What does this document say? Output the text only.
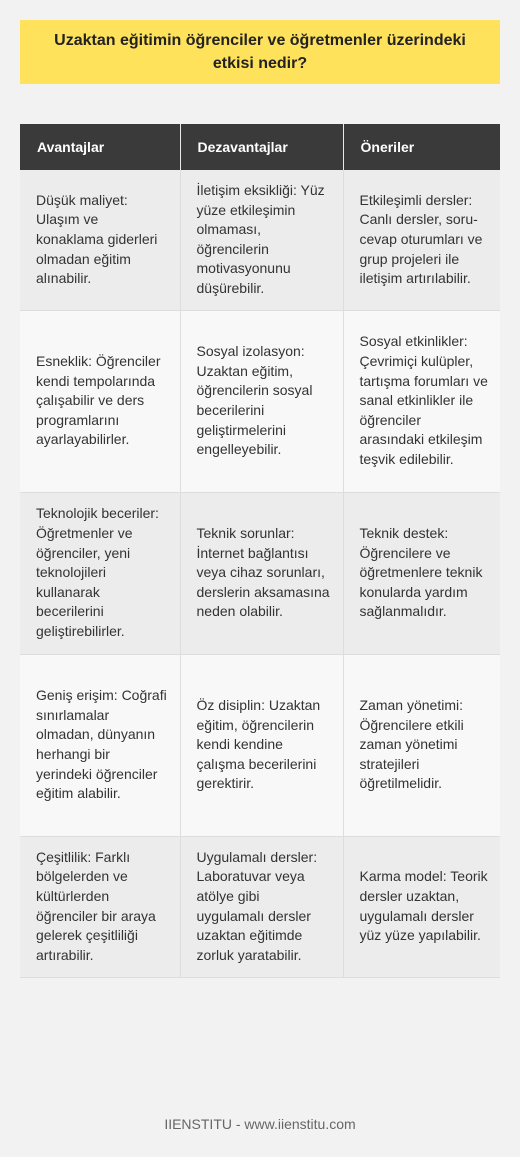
Uzaktan eğitimin öğrenciler ve öğretmenler üzerindeki etkisi nedir?
Avantajlar	Dezavantajlar	Öneriler
Düşük maliyet: Ulaşım ve konaklama giderleri olmadan eğitim alınabilir.	İletişim eksikliği: Yüz yüze etkileşimin olmaması, öğrencilerin motivasyonunu düşürebilir.	Etkileşimli dersler: Canlı dersler, soru-cevap oturumları ve grup projeleri ile iletişim artırılabilir.
Esneklik: Öğrenciler kendi tempolarında çalışabilir ve ders programlarını ayarlayabilirler.	Sosyal izolasyon: Uzaktan eğitim, öğrencilerin sosyal becerilerini geliştirmelerini engelleyebilir.	Sosyal etkinlikler: Çevrimiçi kulüpler, tartışma forumları ve sanal etkinlikler ile öğrenciler arasındaki etkileşim teşvik edilebilir.
Teknolojik beceriler: Öğretmenler ve öğrenciler, yeni teknolojileri kullanarak becerilerini geliştirebilirler.	Teknik sorunlar: İnternet bağlantısı veya cihaz sorunları, derslerin aksamasına neden olabilir.	Teknik destek: Öğrencilere ve öğretmenlere teknik konularda yardım sağlanmalıdır.
Geniş erişim: Coğrafi sınırlamalar olmadan, dünyanın herhangi bir yerindeki öğrenciler eğitim alabilir.	Öz disiplin: Uzaktan eğitim, öğrencilerin kendi kendine çalışma becerilerini gerektirir.	Zaman yönetimi: Öğrencilere etkili zaman yönetimi stratejileri öğretilmelidir.
Çeşitlilik: Farklı bölgelerden ve kültürlerden öğrenciler bir araya gelerek çeşitliliği artırabilir.	Uygulamalı dersler: Laboratuvar veya atölye gibi uygulamalı dersler uzaktan eğitimde zorluk yaratabilir.	Karma model: Teorik dersler uzaktan, uygulamalı dersler yüz yüze yapılabilir.
IIENSTITU - www.iienstitu.com
